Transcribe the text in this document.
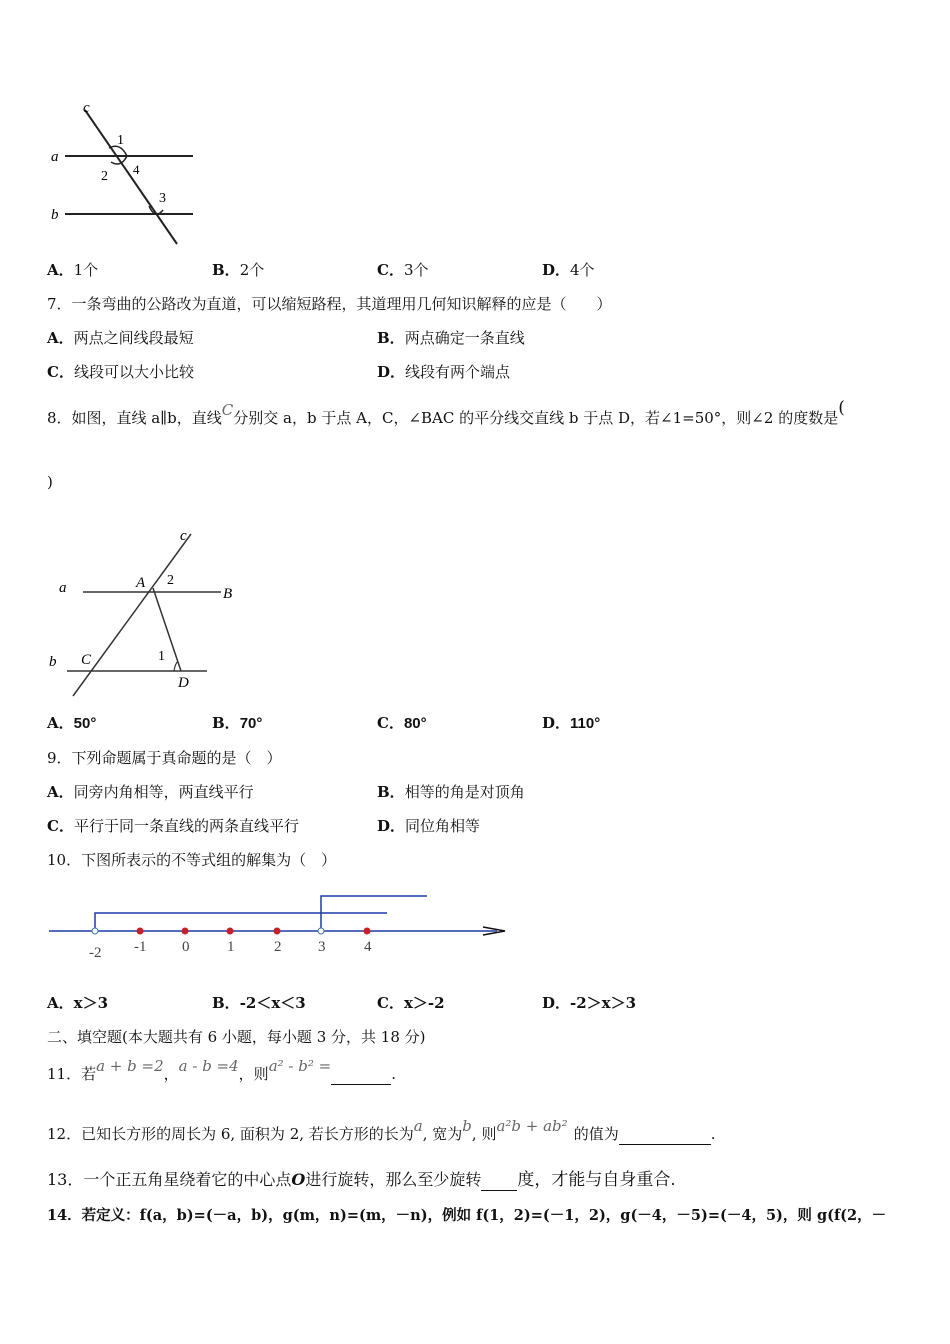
c
a
b
1
2 4
3
A．1个	B．2个	C．3个	D．4个
7．一条弯曲的公路改为直道，可以缩短路程，其道理用几何知识解释的应是（　　）
A．两点之间线段最短	B．两点确定一条直线
C．线段可以大小比较	D．线段有两个端点
8．如图，直线 a∥b，直线C分别交 a，b 于点 A，C，∠BAC 的平分线交直线 b 于点 D，若∠1=50°，则∠2 的度数是(
)
c
a
b
A
B
C
D
1
2
A．50°	B．70°	C．80°	D．110°
9．下列命题属于真命题的是（　）
A．同旁内角相等，两直线平行	B．相等的角是对顶角
C．平行于同一条直线的两条直线平行	D．同位角相等
10．下图所表示的不等式组的解集为（　）
-2 -1 0	1	2 3	4
A．x＞3	B．-2＜x＜3	C．x＞-2	D．-2＞x＞3
二、填空题(本大题共有 6 小题，每小题 3 分，共 18 分)
11．若a + b =2，a - b =4，则a² - b² =	.
12．已知长方形的周长为 6, 面积为 2, 若长方形的长为a, 宽为b, 则a²b + ab² 的值为	.
13．一个正五角星绕着它的中心点O进行旋转，那么至少旋转 度，才能与自身重合.
14．若定义：f(a，b)=(－a，b)，g(m，n)=(m，－n)，例如 f(1，2)=(－1，2)，g(－4，－5)=(－4，5)，则 g(f(2，－
